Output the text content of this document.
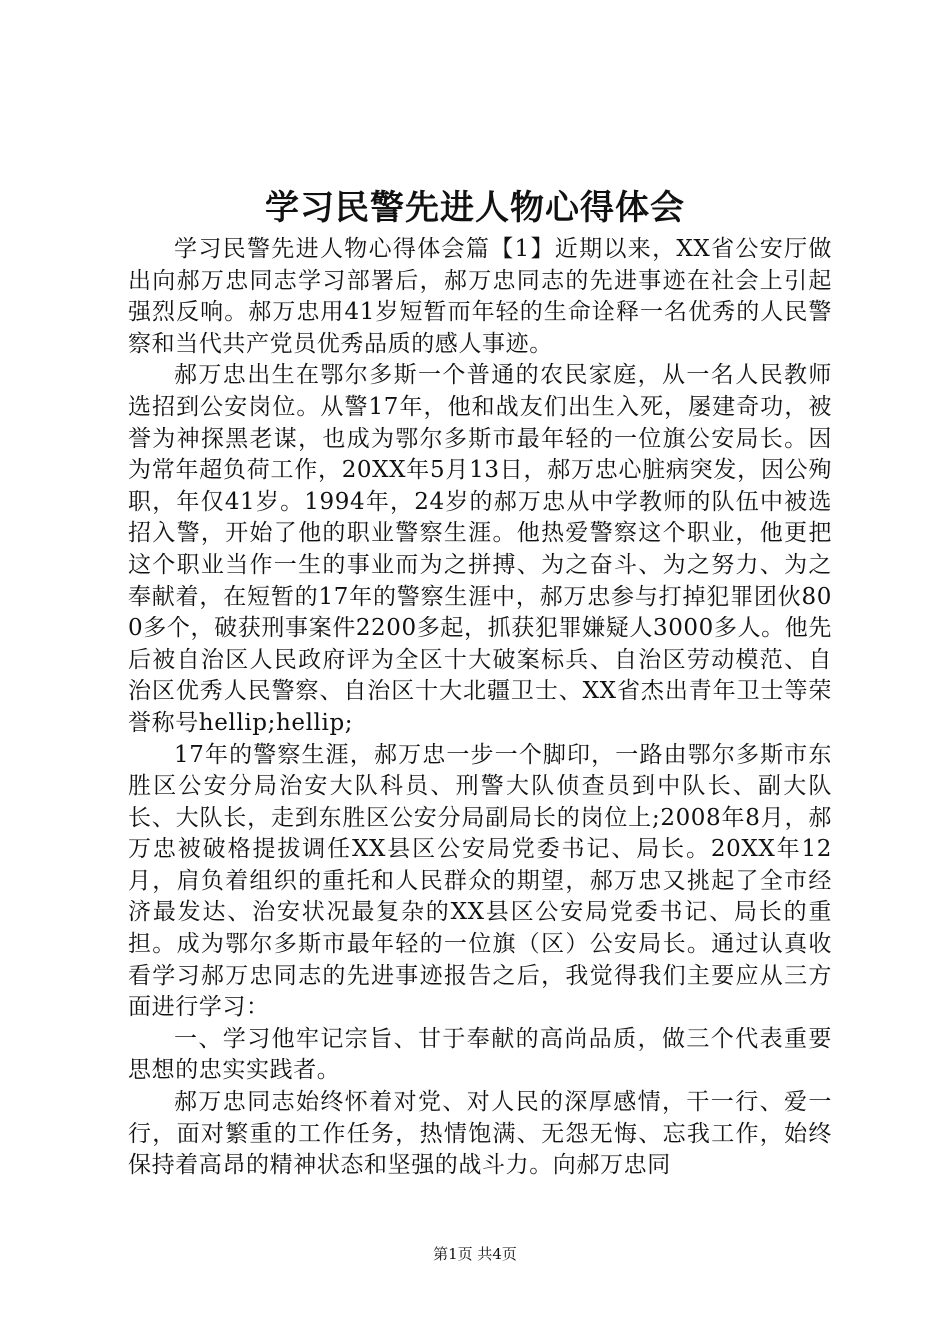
学习民警先进人物心得体会

学习民警先进人物心得体会篇【1】近期以来，XX省公安厅做出向郝万忠同志学习部署后，郝万忠同志的先进事迹在社会上引起强烈反响。郝万忠用41岁短暂而年轻的生命诠释一名优秀的人民警察和当代共产党员优秀品质的感人事迹。

郝万忠出生在鄂尔多斯一个普通的农民家庭，从一名人民教师选招到公安岗位。从警17年，他和战友们出生入死，屡建奇功，被誉为神探黑老谋，也成为鄂尔多斯市最年轻的一位旗公安局长。因为常年超负荷工作，20XX年5月13日，郝万忠心脏病突发，因公殉职，年仅41岁。1994年，24岁的郝万忠从中学教师的队伍中被选招入警，开始了他的职业警察生涯。他热爱警察这个职业，他更把这个职业当作一生的事业而为之拼搏、为之奋斗、为之努力、为之奉献着，在短暂的17年的警察生涯中，郝万忠参与打掉犯罪团伙800多个，破获刑事案件2200多起，抓获犯罪嫌疑人3000多人。他先后被自治区人民政府评为全区十大破案标兵、自治区劳动模范、自治区优秀人民警察、自治区十大北疆卫士、XX省杰出青年卫士等荣誉称号hellip;hellip;

17年的警察生涯，郝万忠一步一个脚印，一路由鄂尔多斯市东胜区公安分局治安大队科员、刑警大队侦查员到中队长、副大队长、大队长，走到东胜区公安分局副局长的岗位上;2008年8月，郝万忠被破格提拔调任XX县区公安局党委书记、局长。20XX年12月，肩负着组织的重托和人民群众的期望，郝万忠又挑起了全市经济最发达、治安状况最复杂的XX县区公安局党委书记、局长的重担。成为鄂尔多斯市最年轻的一位旗（区）公安局长。通过认真收看学习郝万忠同志的先进事迹报告之后，我觉得我们主要应从三方面进行学习：

一、学习他牢记宗旨、甘于奉献的高尚品质，做三个代表重要思想的忠实实践者。

郝万忠同志始终怀着对党、对人民的深厚感情，干一行、爱一行，面对繁重的工作任务，热情饱满、无怨无悔、忘我工作，始终保持着高昂的精神状态和坚强的战斗力。向郝万忠同

第1页 共4页
